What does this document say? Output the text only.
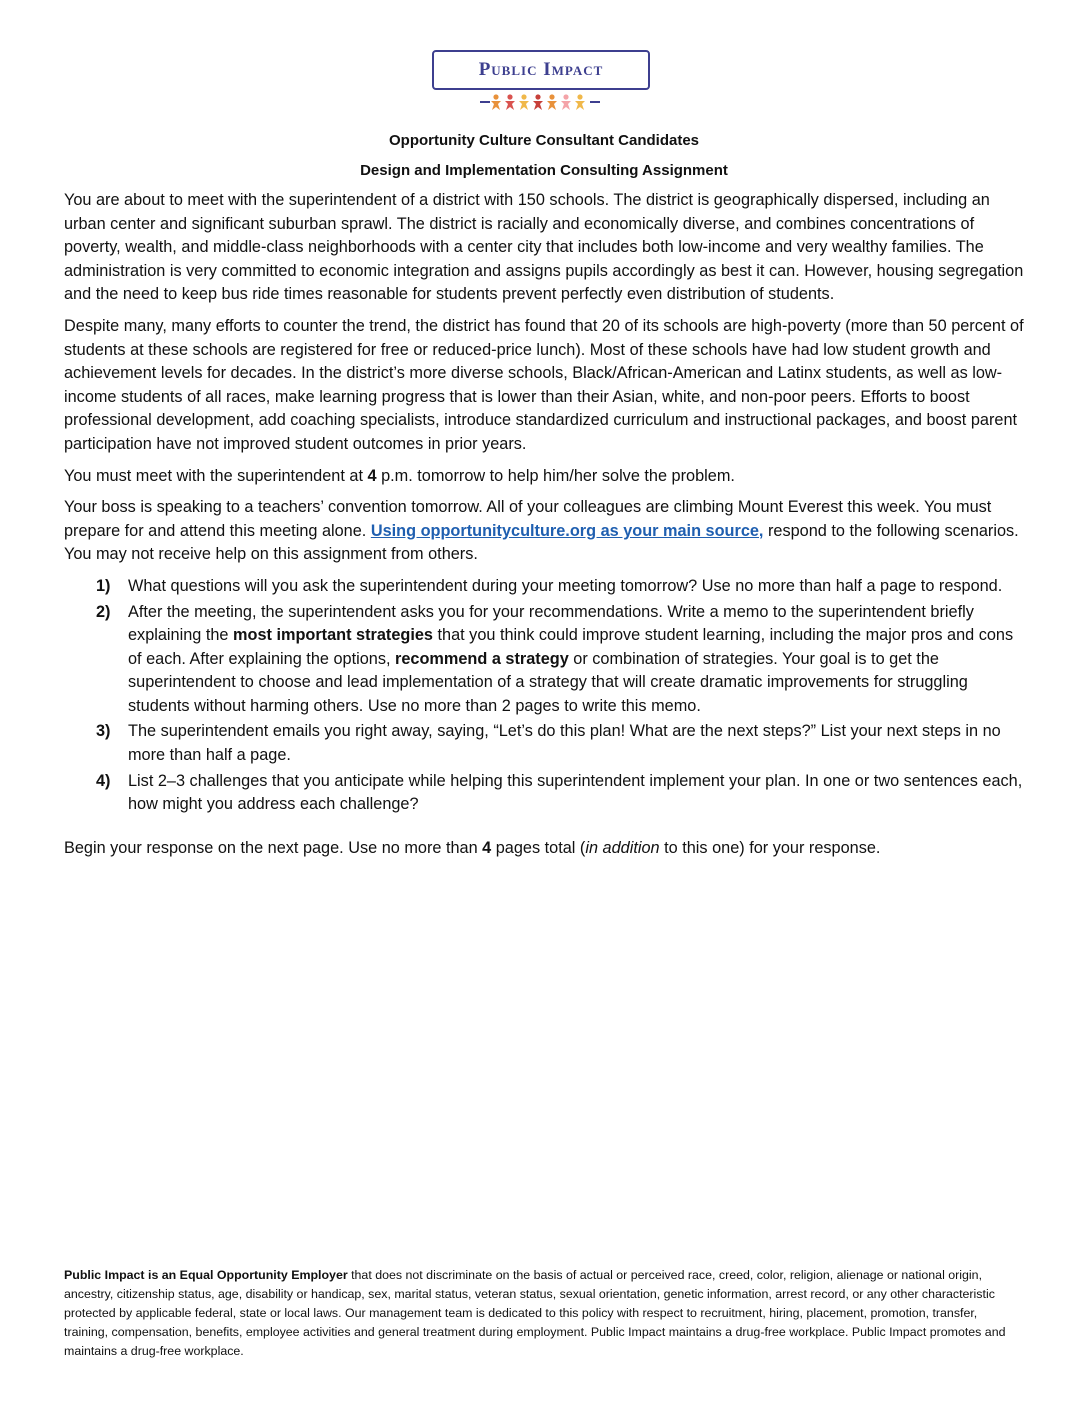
Public Impact
Opportunity Culture Consultant Candidates
Design and Implementation Consulting Assignment

You are about to meet with the superintendent of a district with 150 schools. The district is geographically dispersed, including an urban center and significant suburban sprawl. The district is racially and economically diverse, and combines concentrations of poverty, wealth, and middle-class neighborhoods with a center city that includes both low-income and very wealthy families. The administration is very committed to economic integration and assigns pupils accordingly as best it can. However, housing segregation and the need to keep bus ride times reasonable for students prevent perfectly even distribution of students.

Despite many, many efforts to counter the trend, the district has found that 20 of its schools are high-poverty (more than 50 percent of students at these schools are registered for free or reduced-price lunch). Most of these schools have had low student growth and achievement levels for decades. In the district’s more diverse schools, Black/African-American and Latinx students, as well as low-income students of all races, make learning progress that is lower than their Asian, white, and non-poor peers. Efforts to boost professional development, add coaching specialists, introduce standardized curriculum and instructional packages, and boost parent participation have not improved student outcomes in prior years.

You must meet with the superintendent at 4 p.m. tomorrow to help him/her solve the problem.

Your boss is speaking to a teachers’ convention tomorrow. All of your colleagues are climbing Mount Everest this week. You must prepare for and attend this meeting alone. Using opportunityculture.org as your main source, respond to the following scenarios. You may not receive help on this assignment from others.

1) What questions will you ask the superintendent during your meeting tomorrow? Use no more than half a page to respond.
2) After the meeting, the superintendent asks you for your recommendations. Write a memo to the superintendent briefly explaining the most important strategies that you think could improve student learning, including the major pros and cons of each. After explaining the options, recommend a strategy or combination of strategies. Your goal is to get the superintendent to choose and lead implementation of a strategy that will create dramatic improvements for struggling students without harming others. Use no more than 2 pages to write this memo.
3) The superintendent emails you right away, saying, “Let’s do this plan! What are the next steps?” List your next steps in no more than half a page.
4) List 2–3 challenges that you anticipate while helping this superintendent implement your plan. In one or two sentences each, how might you address each challenge?

Begin your response on the next page. Use no more than 4 pages total (in addition to this one) for your response.

Public Impact is an Equal Opportunity Employer that does not discriminate on the basis of actual or perceived race, creed, color, religion, alienage or national origin, ancestry, citizenship status, age, disability or handicap, sex, marital status, veteran status, sexual orientation, genetic information, arrest record, or any other characteristic protected by applicable federal, state or local laws. Our management team is dedicated to this policy with respect to recruitment, hiring, placement, promotion, transfer, training, compensation, benefits, employee activities and general treatment during employment. Public Impact maintains a drug-free workplace. Public Impact promotes and maintains a drug-free workplace.
